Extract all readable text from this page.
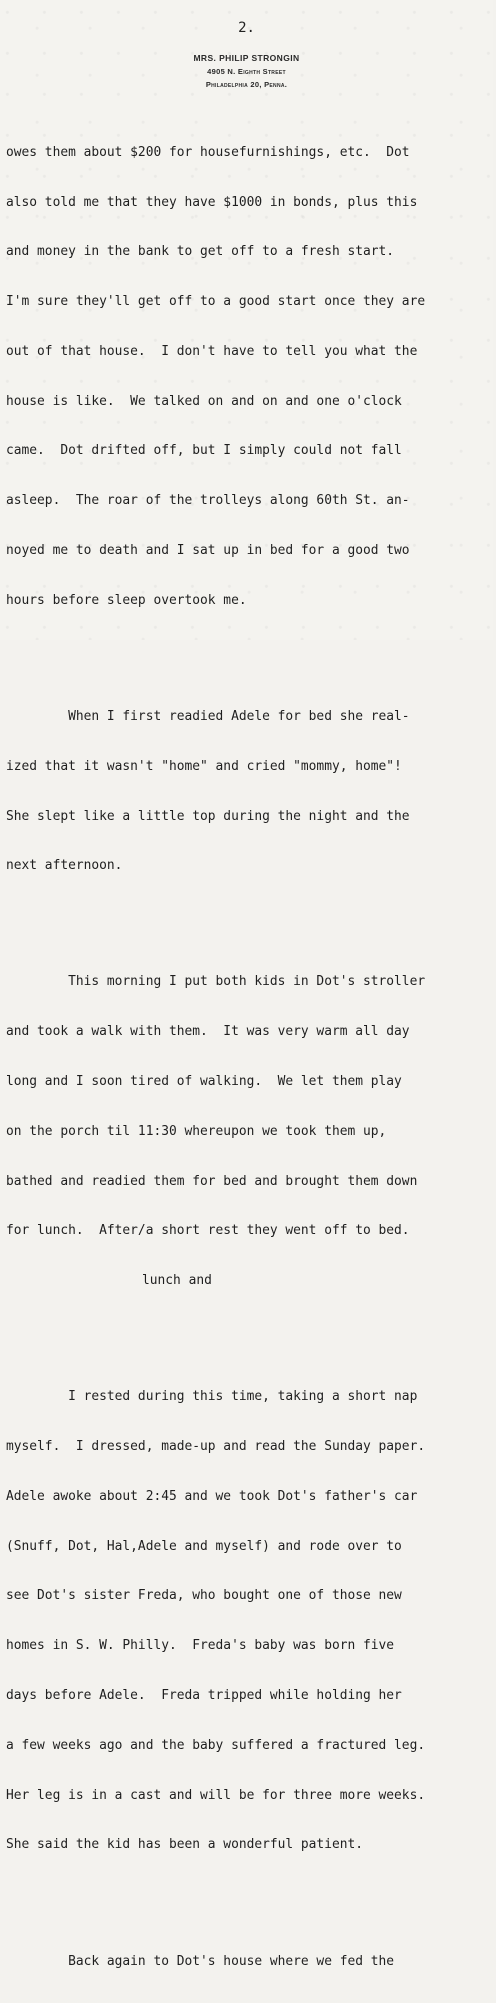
2.
MRS. PHILIP STRONGIN
4905 N. Eighth Street
Philadelphia 20, Penna.

owes them about $200 for housefurnishings, etc.  Dot

also told me that they have $1000 in bonds, plus this

and money in the bank to get off to a fresh start.

I'm sure they'll get off to a good start once they are

out of that house.  I don't have to tell you what the

house is like.  We talked on and on and one o'clock

came.  Dot drifted off, but I simply could not fall

asleep.  The roar of the trolleys along 60th St. an-

noyed me to death and I sat up in bed for a good two

hours before sleep overtook me.

When I first readied Adele for bed she real-

ized that it wasn't "home" and cried "mommy, home"!

She slept like a little top during the night and the

next afternoon.

This morning I put both kids in Dot's stroller

and took a walk with them.  It was very warm all day

long and I soon tired of walking.  We let them play

on the porch til 11:30 whereupon we took them up,

bathed and readied them for bed and brought them down

for lunch.  After/a short rest they went off to bed.

lunch and

I rested during this time, taking a short nap

myself.  I dressed, made-up and read the Sunday paper.

Adele awoke about 2:45 and we took Dot's father's car

(Snuff, Dot, Hal,Adele and myself) and rode over to

see Dot's sister Freda, who bought one of those new

homes in S. W. Philly.  Freda's baby was born five

days before Adele.  Freda tripped while holding her

a few weeks ago and the baby suffered a fractured leg.

Her leg is in a cast and will be for three more weeks.

She said the kid has been a wonderful patient.

Back again to Dot's house where we fed the
